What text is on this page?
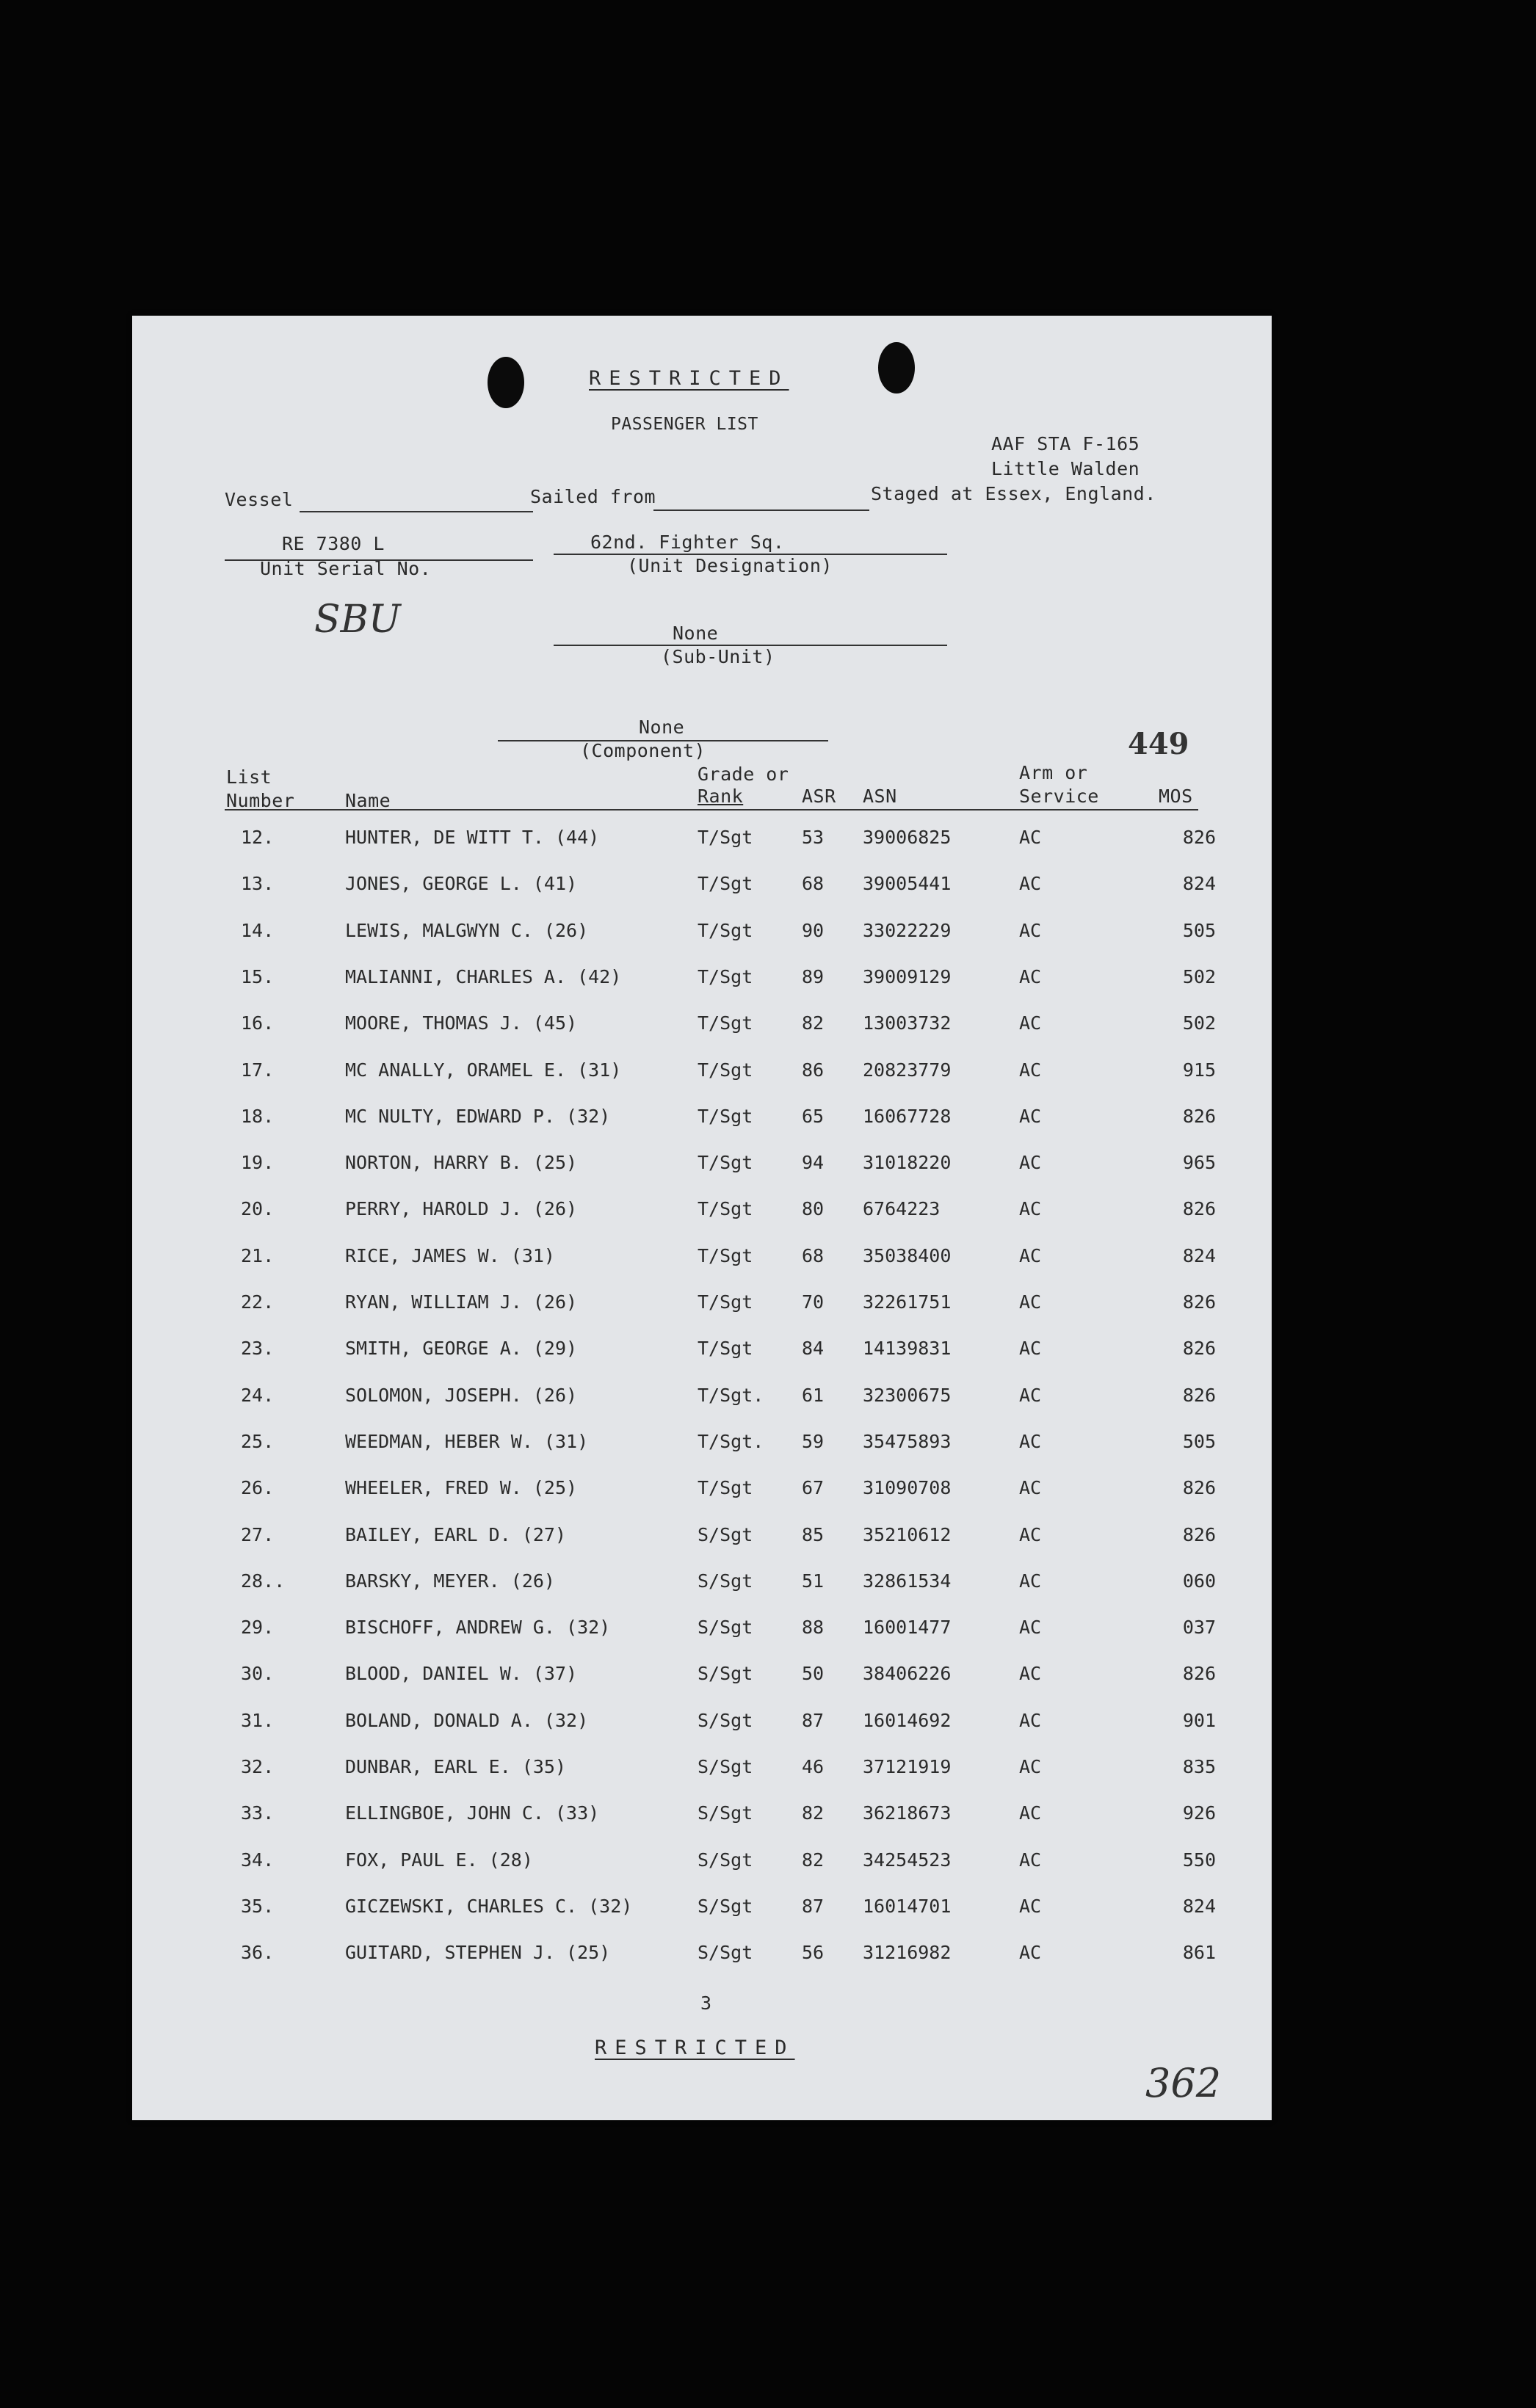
RESTRICTED
PASSENGER LIST
AAF STA F-165
Little Walden
Vessel	Sailed from	Staged at Essex, England.
RE 7380 L
Unit Serial No.
62nd. Fighter Sq.
(Unit Designation)
SBU	None
(Sub-Unit)
None
(Component)	449
List
Number	Name
Grade or
Rank	ASR ASN
Arm or
Service	MOS
12.	HUNTER, DE WITT T. (44)	T/Sgt	53 39006825	AC	826
13.	JONES, GEORGE L. (41)	T/Sgt	68 39005441	AC	824
14.	LEWIS, MALGWYN C. (26)	T/Sgt	90 33022229	AC	505
15.	MALIANNI, CHARLES A. (42)	T/Sgt	89 39009129	AC	502
16.	MOORE, THOMAS J. (45)	T/Sgt	82 13003732	AC	502
17.	MC ANALLY, ORAMEL E. (31)	T/Sgt	86 20823779	AC	915
18.	MC NULTY, EDWARD P. (32)	T/Sgt	65 16067728	AC	826
19.	NORTON, HARRY B. (25)	T/Sgt	94 31018220	AC	965
20.	PERRY, HAROLD J. (26)	T/Sgt	80 6764223	AC	826
21.	RICE, JAMES W. (31)	T/Sgt	68 35038400	AC	824
22.	RYAN, WILLIAM J. (26)	T/Sgt	70 32261751	AC	826
23.	SMITH, GEORGE A. (29)	T/Sgt	84 14139831	AC	826
24.	SOLOMON, JOSEPH. (26)	T/Sgt. 61 32300675	AC	826
25.	WEEDMAN, HEBER W. (31)	T/Sgt. 59 35475893	AC	505
26.	WHEELER, FRED W. (25)	T/Sgt	67 31090708	AC	826
27.	BAILEY, EARL D. (27)	S/Sgt	85 35210612	AC	826
28..	BARSKY, MEYER. (26)	S/Sgt	51 32861534	AC	060
29.	BISCHOFF, ANDREW G. (32)	S/Sgt	88 16001477	AC	037
30.	BLOOD, DANIEL W. (37)	S/Sgt	50 38406226	AC	826
31.	BOLAND, DONALD A. (32)	S/Sgt	87 16014692	AC	901
32.	DUNBAR, EARL E. (35)	S/Sgt	46 37121919	AC	835
33.	ELLINGBOE, JOHN C. (33)	S/Sgt	82 36218673	AC	926
34.	FOX, PAUL E. (28)	S/Sgt	82 34254523	AC	550
35.	GICZEWSKI, CHARLES C. (32)	S/Sgt	87 16014701	AC	824
36.	GUITARD, STEPHEN J. (25)	S/Sgt	56 31216982	AC	861
3
RESTRICTED
362
